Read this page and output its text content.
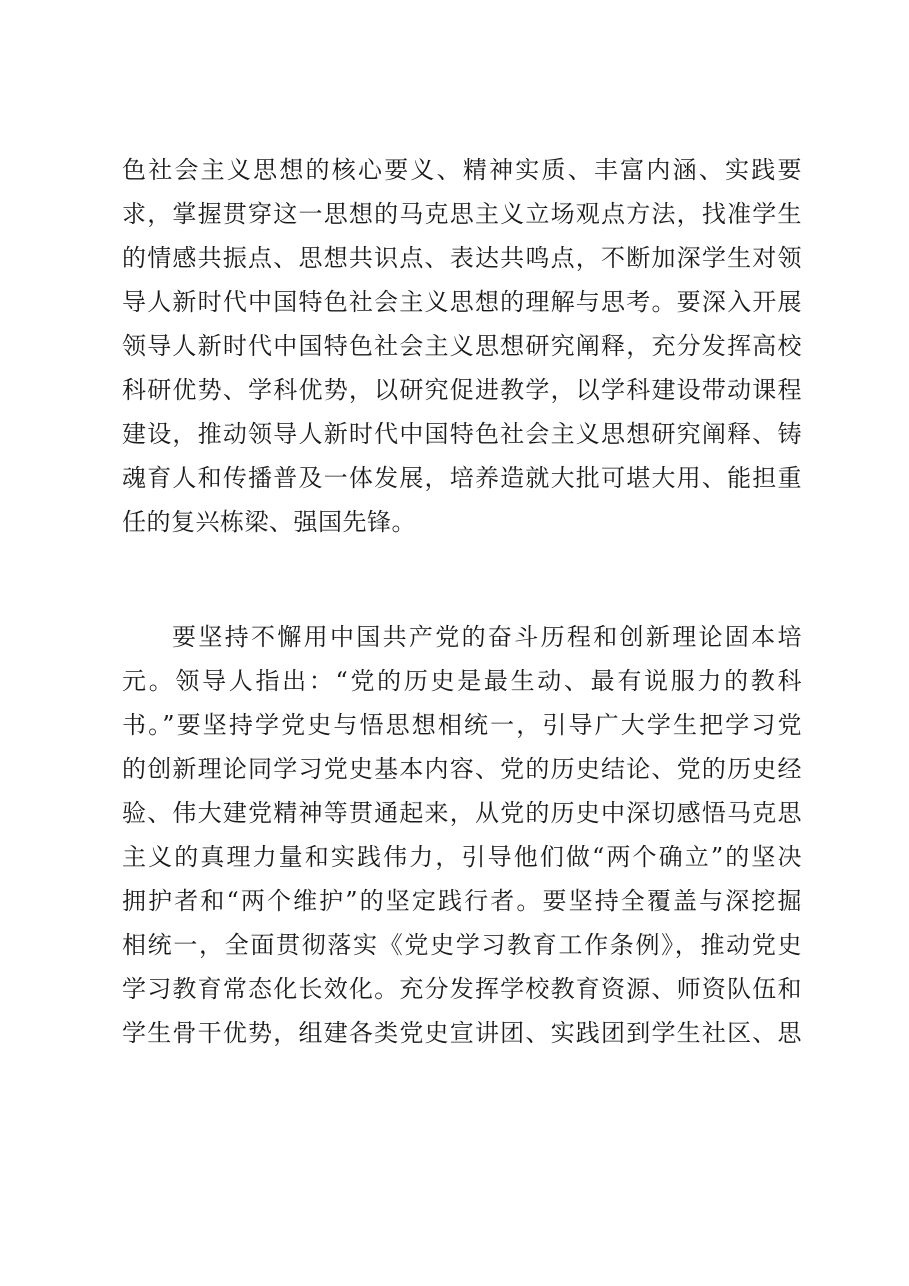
色社会主义思想的核心要义、精神实质、丰富内涵、实践要
求，掌握贯穿这一思想的马克思主义立场观点方法，找准学生
的情感共振点、思想共识点、表达共鸣点，不断加深学生对领
导人新时代中国特色社会主义思想的理解与思考。要深入开展
领导人新时代中国特色社会主义思想研究阐释，充分发挥高校
科研优势、学科优势，以研究促进教学，以学科建设带动课程
建设，推动领导人新时代中国特色社会主义思想研究阐释、铸
魂育人和传播普及一体发展，培养造就大批可堪大用、能担重
任的复兴栋梁、强国先锋。
要坚持不懈用中国共产党的奋斗历程和创新理论固本培
元。领导人指出：“党的历史是最生动、最有说服力的教科
书。”要坚持学党史与悟思想相统一，引导广大学生把学习党
的创新理论同学习党史基本内容、党的历史结论、党的历史经
验、伟大建党精神等贯通起来，从党的历史中深切感悟马克思
主义的真理力量和实践伟力，引导他们做“两个确立”的坚决
拥护者和“两个维护”的坚定践行者。要坚持全覆盖与深挖掘
相统一，全面贯彻落实《党史学习教育工作条例》，推动党史
学习教育常态化长效化。充分发挥学校教育资源、师资队伍和
学生骨干优势，组建各类党史宣讲团、实践团到学生社区、思
